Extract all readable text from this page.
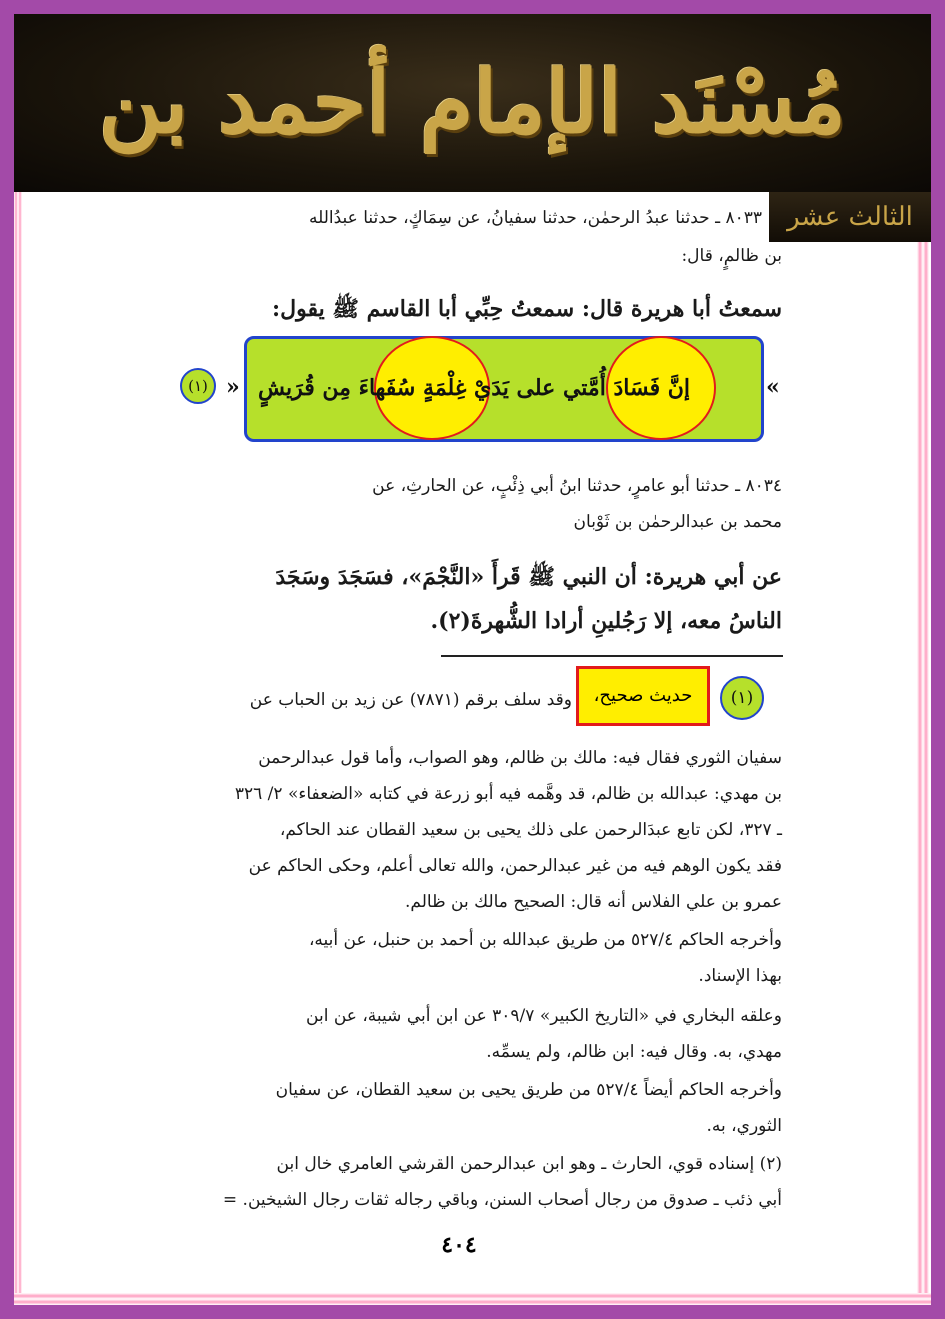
مُسْنَد الإمام أحمد بن
الثالث عشر
٨٠٣٣ ـ حدثنا عبدُ الرحمٰن، حدثنا سفيانُ، عن سِمَاكٍ، حدثنا عبدُالله
بن ظالمٍ، قال:
سمعتُ أبا هريرة قال: سمعتُ حِبِّي أبا القاسم ﷺ يقول:
«
إنَّ فَسَادَ أُمَّتي على يَدَيْ غِلْمَةٍ سُفَهاءَ مِن قُرَيشٍ
»
(١)
٨٠٣٤ ـ حدثنا أبو عامرٍ، حدثنا ابنُ أبي ذِئْبٍ، عن الحارثِ، عن
محمد بن عبدالرحمٰن بن ثَوْبان
عن أبي هريرة: أن النبي ﷺ قَرأَ «النَّجْمَ»، فسَجَدَ وسَجَدَ
الناسُ معه، إلا رَجُلينِ أرادا الشُّهرةَ(٢).
(١)
حديث صحيح،
وقد سلف برقم (٧٨٧١) عن زيد بن الحباب عن
سفيان الثوري فقال فيه: مالك بن ظالم، وهو الصواب، وأما قول عبدالرحمن
بن مهدي: عبدالله بن ظالم، قد وهَّمه فيه أبو زرعة في كتابه «الضعفاء» ٢/ ٣٢٦
ـ ٣٢٧، لكن تابع عبدَالرحمن على ذلك يحيى بن سعيد القطان عند الحاكم،
فقد يكون الوهم فيه من غير عبدالرحمن، والله تعالى أعلم، وحكى الحاكم عن
عمرو بن علي الفلاس أنه قال: الصحيح مالك بن ظالم.
وأخرجه الحاكم ٥٢٧/٤ من طريق عبدالله بن أحمد بن حنبل، عن أبيه،
بهذا الإسناد.
وعلقه البخاري في «التاريخ الكبير» ٣٠٩/٧ عن ابن أبي شيبة، عن ابن
مهدي، به. وقال فيه: ابن ظالم، ولم يسمِّه.
وأخرجه الحاكم أيضاً ٥٢٧/٤ من طريق يحيى بن سعيد القطان، عن سفيان
الثوري، به.
(٢) إسناده قوي، الحارث ـ وهو ابن عبدالرحمن القرشي العامري خال ابن
أبي ذئب ـ صدوق من رجال أصحاب السنن، وباقي رجاله ثقات رجال الشيخين. =
٤٠٤
